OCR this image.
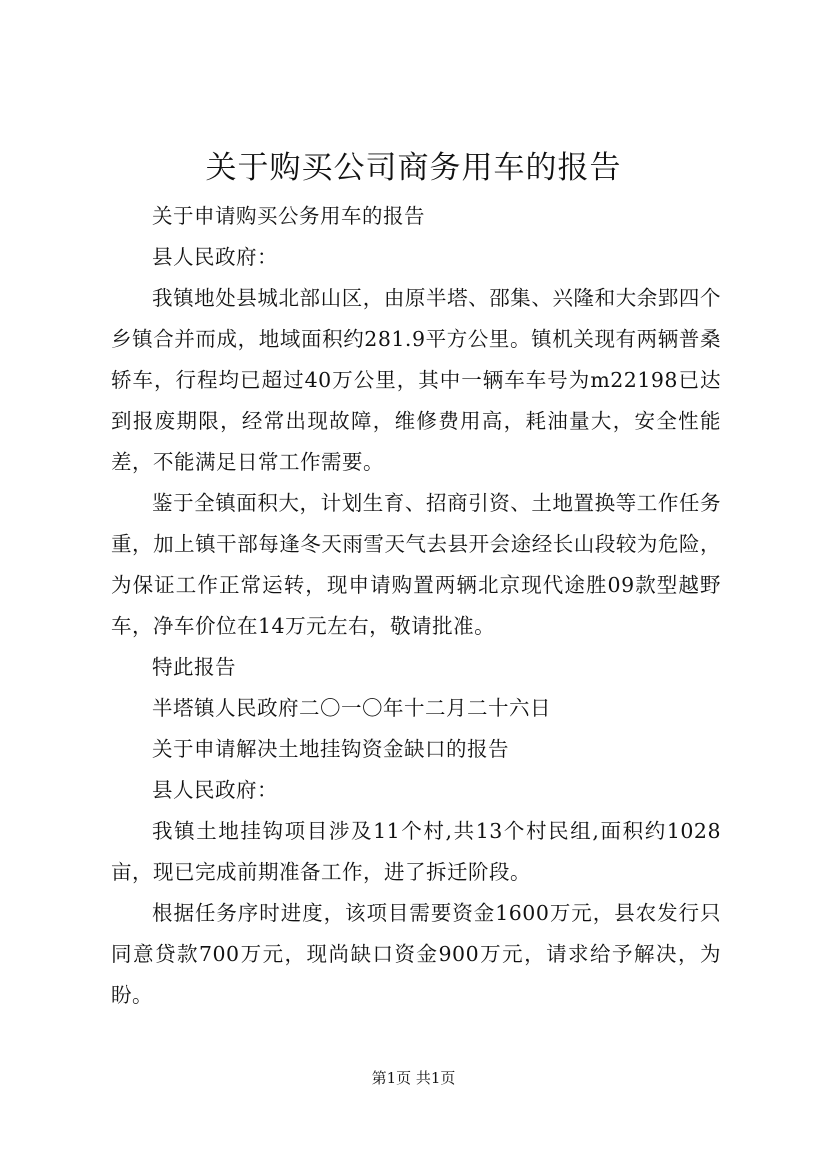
关于购买公司商务用车的报告

关于申请购买公务用车的报告

县人民政府：

我镇地处县城北部山区，由原半塔、邵集、兴隆和大余郢四个乡镇合并而成，地域面积约281.9平方公里。镇机关现有两辆普桑轿车，行程均已超过40万公里，其中一辆车车号为m22198已达到报废期限，经常出现故障，维修费用高，耗油量大，安全性能差，不能满足日常工作需要。

鉴于全镇面积大，计划生育、招商引资、土地置换等工作任务重，加上镇干部每逢冬天雨雪天气去县开会途经长山段较为危险，为保证工作正常运转，现申请购置两辆北京现代途胜09款型越野车，净车价位在14万元左右，敬请批准。

特此报告

半塔镇人民政府二〇一〇年十二月二十六日

关于申请解决土地挂钩资金缺口的报告

县人民政府：

我镇土地挂钩项目涉及11个村,共13个村民组,面积约1028亩，现已完成前期准备工作，进了拆迁阶段。

根据任务序时进度，该项目需要资金1600万元，县农发行只同意贷款700万元，现尚缺口资金900万元，请求给予解决，为盼。

第1页 共1页
